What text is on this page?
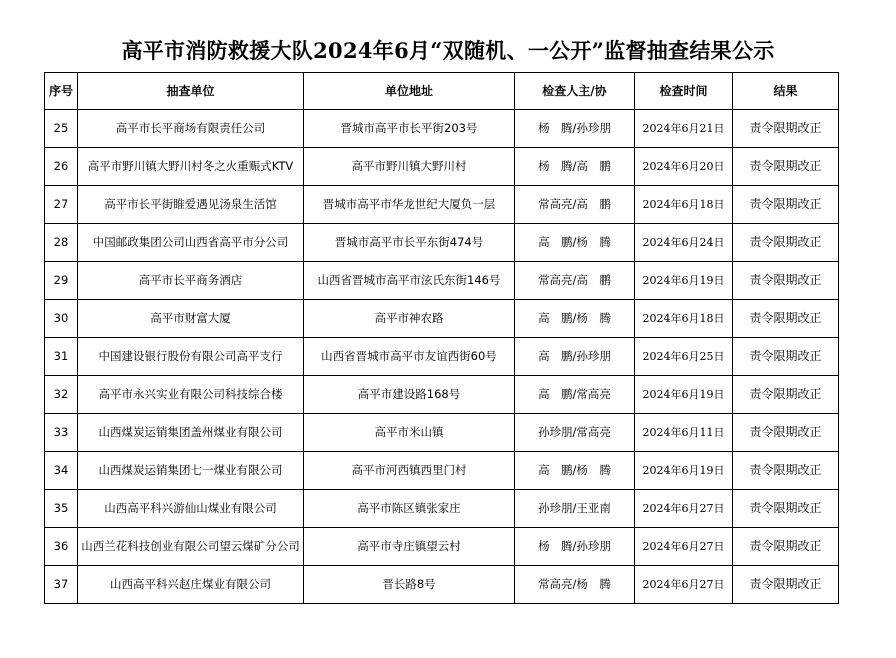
高平市消防救援大队2024年6月“双随机、一公开”监督抽查结果公示
序号	抽查单位	单位地址	检查人主/协	检查时间	结果
25	高平市长平商场有限责任公司	晋城市高平市长平街203号	杨　腾/孙珍朋	2024年6月21日	责令限期改正
26	高平市野川镇大野川村冬之火重赈式KTV	高平市野川镇大野川村	杨　腾/高　鹏	2024年6月20日	责令限期改正
27	高平市长平街睢爱遇见汤泉生活馆	晋城市高平市华龙世纪大厦负一层	常高亮/高　鹏	2024年6月18日	责令限期改正
28	中国邮政集团公司山西省高平市分公司	晋城市高平市长平东街474号	高　鹏/杨　腾	2024年6月24日	责令限期改正
29	高平市长平商务酒店	山西省晋城市高平市泫氏东街146号	常高亮/高　鹏	2024年6月19日	责令限期改正
30	高平市财富大厦	高平市神农路	高　鹏/杨　腾	2024年6月18日	责令限期改正
31	中国建设银行股份有限公司高平支行	山西省晋城市高平市友谊西街60号	高　鹏/孙珍朋	2024年6月25日	责令限期改正
32	高平市永兴实业有限公司科技综合楼	高平市建设路168号	高　鹏/常高亮	2024年6月19日	责令限期改正
33	山西煤炭运销集团盖州煤业有限公司	高平市米山镇	孙珍朋/常高亮	2024年6月11日	责令限期改正
34	山西煤炭运销集团七一煤业有限公司	高平市河西镇西里门村	高　鹏/杨　腾	2024年6月19日	责令限期改正
35	山西高平科兴游仙山煤业有限公司	高平市陈区镇张家庄	孙珍朋/王亚南	2024年6月27日	责令限期改正
36	山西兰花科技创业有限公司望云煤矿分公司	高平市寺庄镇望云村	杨　腾/孙珍朋	2024年6月27日	责令限期改正
37	山西高平科兴赵庄煤业有限公司	晋长路8号	常高亮/杨　腾	2024年6月27日	责令限期改正
